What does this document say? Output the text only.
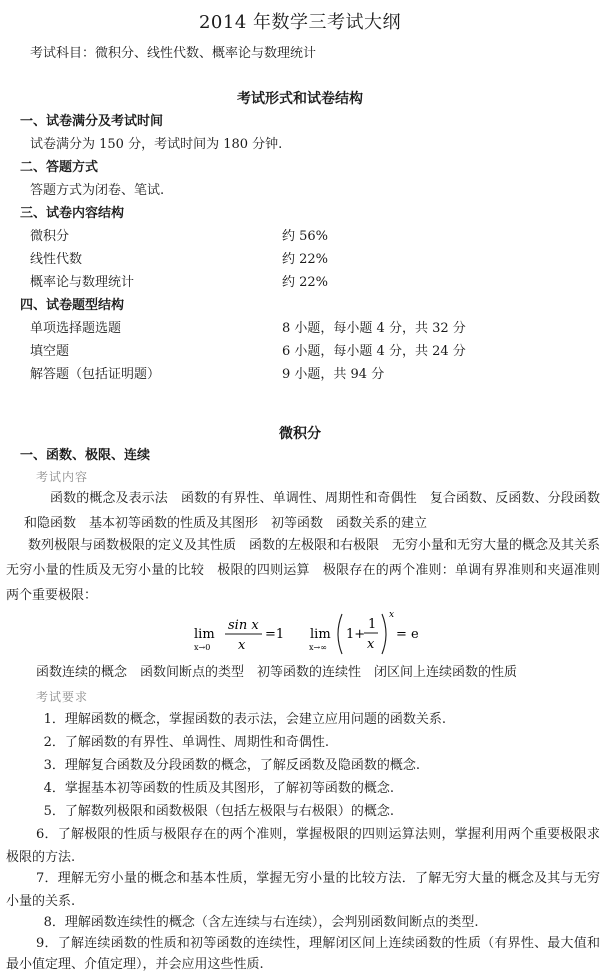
2014 年数学三考试大纲
考试科目：微积分、线性代数、概率论与数理统计
考试形式和试卷结构
一、试卷满分及考试时间
试卷满分为 150 分，考试时间为 180 分钟.
二、答题方式
答题方式为闭卷、笔试.
三、试卷内容结构
微积分	约 56%
线性代数	约 22%
概率论与数理统计	约 22%
四、试卷题型结构
单项选择题选题	8 小题，每小题 4 分，共 32 分
填空题	6 小题，每小题 4 分，共 24 分
解答题（包括证明题）	9 小题，共 94 分
微积分
一、函数、极限、连续
考试内容
函数的概念及表示法　函数的有界性、单调性、周期性和奇偶性　复合函数、反函数、分段函数和隐函数　基本初等函数的性质及其图形　初等函数　函数关系的建立
数列极限与函数极限的定义及其性质　函数的左极限和右极限　无穷小量和无穷大量的概念及其关系　无穷小量的性质及无穷小量的比较　极限的四则运算　极限存在的两个准则：单调有界准则和夹逼准则　两个重要极限：
lim
x→0
sin x
x
=1 lim
x→∞
1+
1
x
x
= e
函数连续的概念　函数间断点的类型　初等函数的连续性　闭区间上连续函数的性质
考试要求
1．理解函数的概念，掌握函数的表示法，会建立应用问题的函数关系.
2．了解函数的有界性、单调性、周期性和奇偶性.
3．理解复合函数及分段函数的概念，了解反函数及隐函数的概念.
4．掌握基本初等函数的性质及其图形，了解初等函数的概念.
5．了解数列极限和函数极限（包括左极限与右极限）的概念.
6．了解极限的性质与极限存在的两个准则，掌握极限的四则运算法则，掌握利用两个重要极限求极限的方法.
7．理解无穷小量的概念和基本性质，掌握无穷小量的比较方法．了解无穷大量的概念及其与无穷小量的关系.
8．理解函数连续性的概念（含左连续与右连续），会判别函数间断点的类型.
9．了解连续函数的性质和初等函数的连续性，理解闭区间上连续函数的性质（有界性、最大值和最小值定理、介值定理），并会应用这些性质.
